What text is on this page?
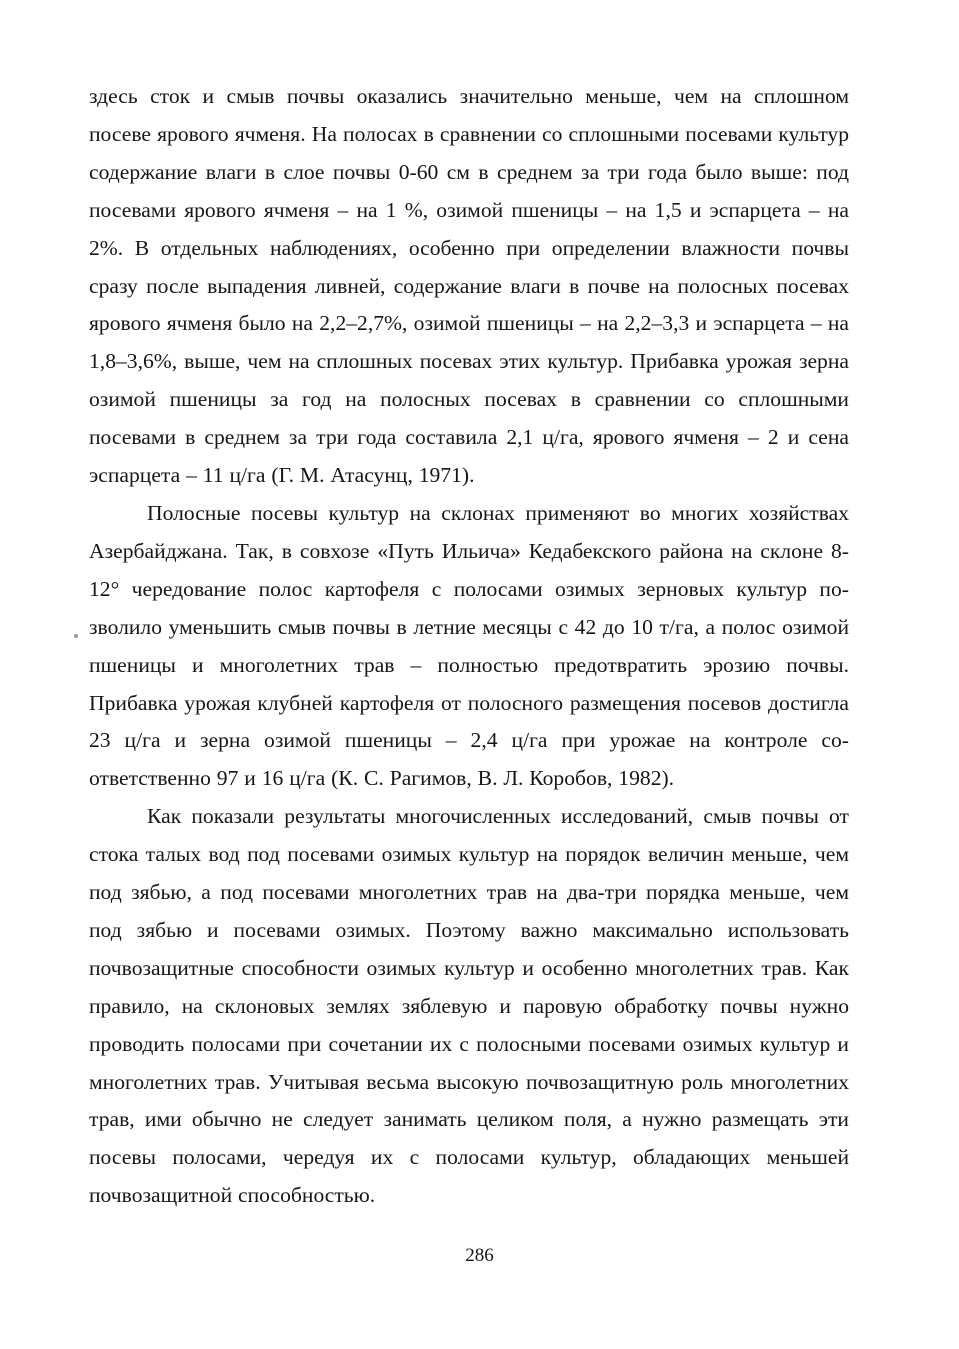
здесь сток и смыв почвы оказались значительно меньше, чем на сплошном посеве ярового ячменя. На полосах в сравнении со сплошными посевами культур содержание влаги в слое почвы 0-60 см в среднем за три года было выше: под посевами ярового ячменя – на 1 %, озимой пшеницы – на 1,5 и эспарцета – на 2%. В отдельных наблюдениях, особенно при определении влажности почвы сразу после выпадения ливней, содержание влаги в почве на полосных посевах ярового ячменя было на 2,2–2,7%, озимой пшеницы – на 2,2–3,3 и эспарцета – на 1,8–3,6%, выше, чем на сплошных посевах этих культур. Прибавка урожая зерна озимой пшеницы за год на полосных посевах в сравнении со сплошными посевами в среднем за три года составила 2,1 ц/га, ярового ячменя – 2 и сена эспарцета – 11 ц/га (Г. М. Атасунц, 1971).

Полосные посевы культур на склонах применяют во многих хозяйствах Азербайджана. Так, в совхозе «Путь Ильича» Кедабекского района на склоне 8-12° чередование полос картофеля с полосами озимых зерновых культур позволило уменьшить смыв почвы в летние месяцы с 42 до 10 т/га, а полос озимой пшеницы и многолетних трав – полностью предотвратить эрозию почвы. Прибавка урожая клубней картофеля от полосного размещения посевов достигла 23 ц/га и зерна озимой пшеницы – 2,4 ц/га при урожае на контроле соответственно 97 и 16 ц/га (К. С. Рагимов, В. Л. Коробов, 1982).

Как показали результаты многочисленных исследований, смыв почвы от стока талых вод под посевами озимых культур на порядок величин меньше, чем под зябью, а под посевами многолетних трав на два-три порядка меньше, чем под зябью и посевами озимых. Поэтому важно максимально использовать почвозащитные способности озимых культур и особенно многолетних трав. Как правило, на склоновых землях зяблевую и паровую обработку почвы нужно проводить полосами при сочетании их с полосными посевами озимых культур и многолетних трав. Учитывая весьма высокую почвозащитную роль многолетних трав, ими обычно не следует занимать целиком поля, а нужно размещать эти посевы полосами, чередуя их с полосами культур, обладающих меньшей почвозащитной способностью.

286
